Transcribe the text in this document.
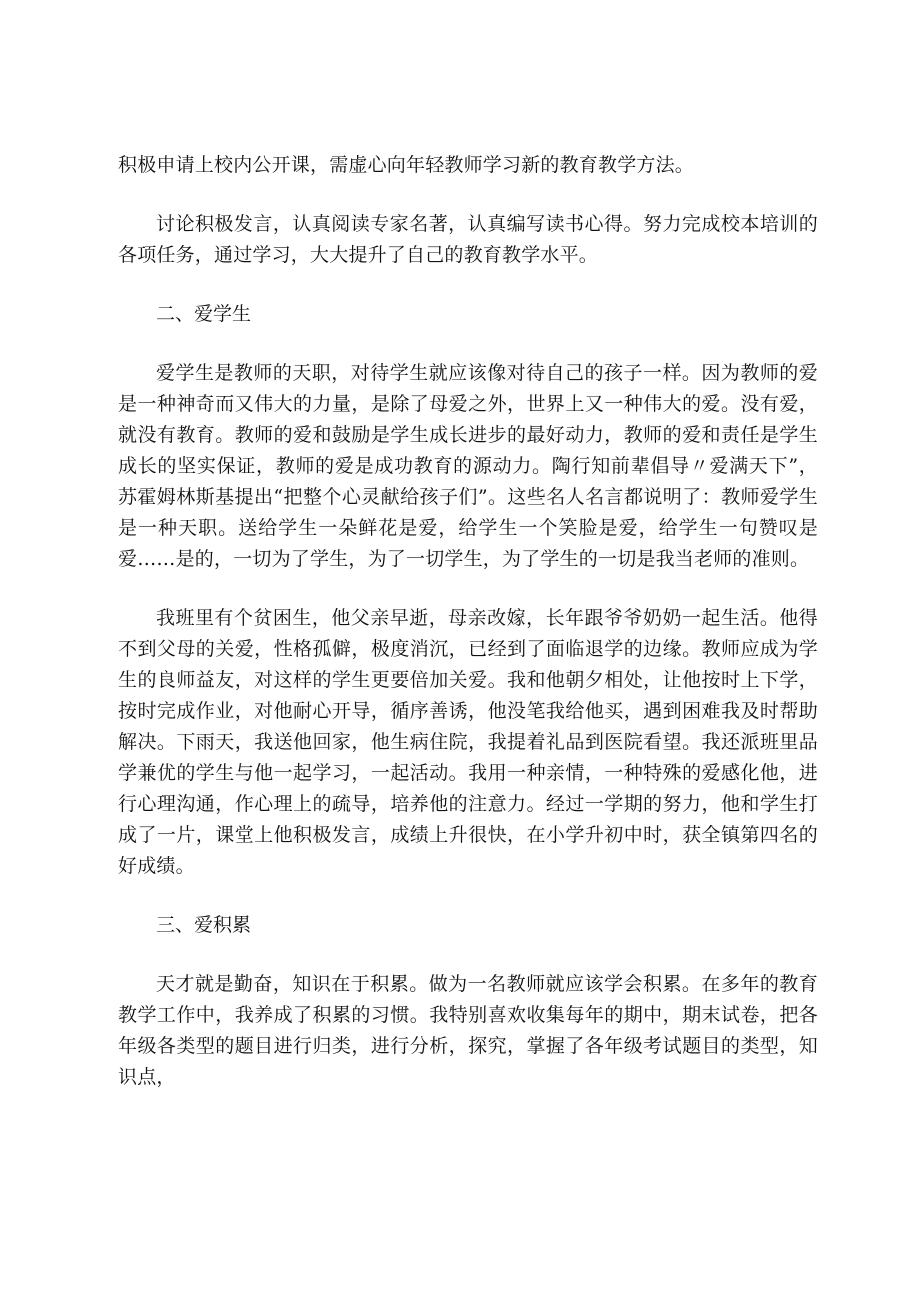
积极申请上校内公开课，需虚心向年轻教师学习新的教育教学方法。

讨论积极发言，认真阅读专家名著，认真编写读书心得。努力完成校本培训的各项任务，通过学习，大大提升了自己的教育教学水平。

二、爱学生

爱学生是教师的天职，对待学生就应该像对待自己的孩子一样。因为教师的爱是一种神奇而又伟大的力量，是除了母爱之外，世界上又一种伟大的爱。没有爱，就没有教育。教师的爱和鼓励是学生成长进步的最好动力，教师的爱和责任是学生成长的坚实保证，教师的爱是成功教育的源动力。陶行知前辈倡导〃爱满天下”，苏霍姆林斯基提出“把整个心灵献给孩子们”。这些名人名言都说明了：教师爱学生是一种天职。送给学生一朵鲜花是爱，给学生一个笑脸是爱，给学生一句赞叹是爱……是的，一切为了学生，为了一切学生，为了学生的一切是我当老师的准则。

我班里有个贫困生，他父亲早逝，母亲改嫁，长年跟爷爷奶奶一起生活。他得不到父母的关爱，性格孤僻，极度消沉，已经到了面临退学的边缘。教师应成为学生的良师益友，对这样的学生更要倍加关爱。我和他朝夕相处，让他按时上下学，按时完成作业，对他耐心开导，循序善诱，他没笔我给他买，遇到困难我及时帮助解决。下雨天，我送他回家，他生病住院，我提着礼品到医院看望。我还派班里品学兼优的学生与他一起学习，一起活动。我用一种亲情，一种特殊的爱感化他，进行心理沟通，作心理上的疏导，培养他的注意力。经过一学期的努力，他和学生打成了一片，课堂上他积极发言，成绩上升很快，在小学升初中时，获全镇第四名的好成绩。

三、爱积累

天才就是勤奋，知识在于积累。做为一名教师就应该学会积累。在多年的教育教学工作中，我养成了积累的习惯。我特别喜欢收集每年的期中，期末试卷，把各年级各类型的题目进行归类，进行分析，探究，掌握了各年级考试题目的类型，知识点，
